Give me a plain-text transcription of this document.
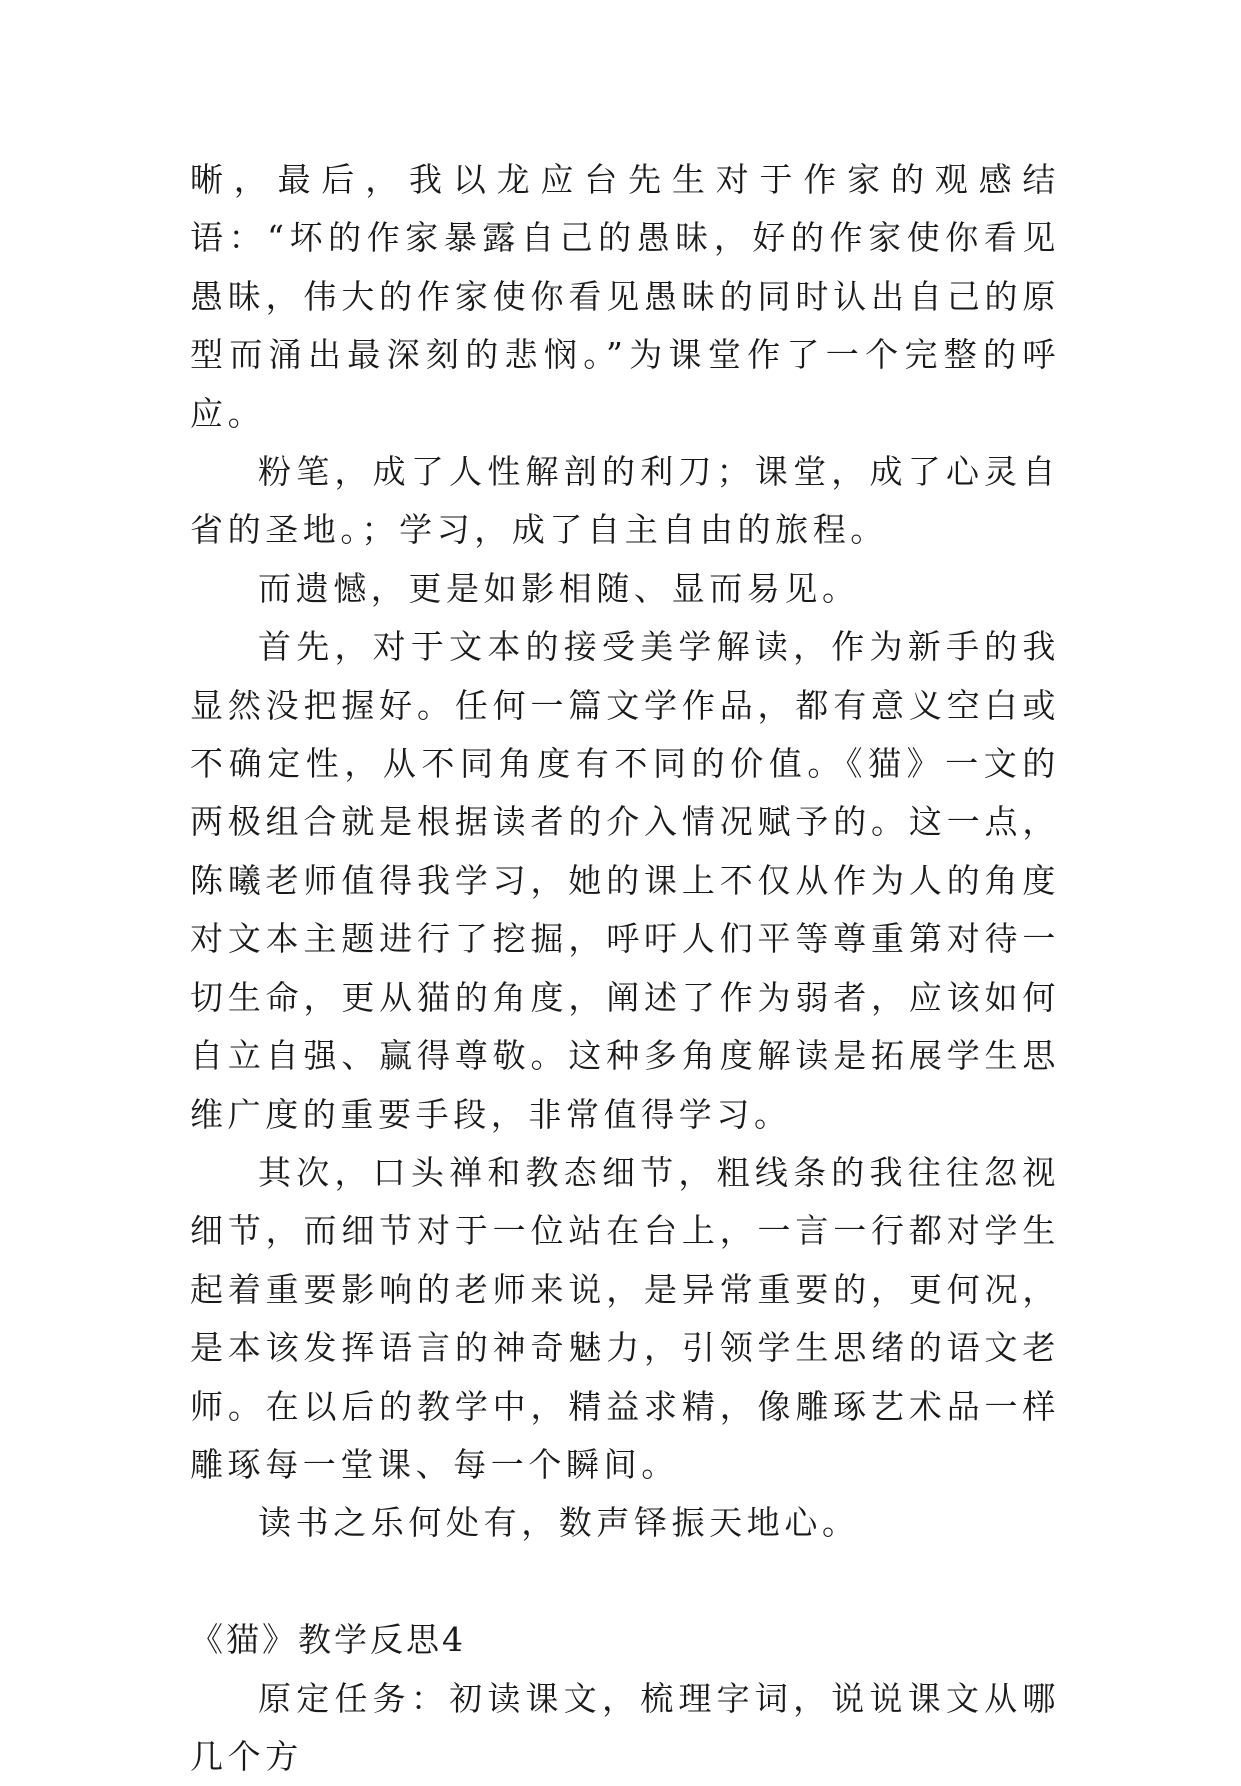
晰，最后，我以龙应台先生对于作家的观感结语：“坏的作家暴露自己的愚昧，好的作家使你看见愚昧，伟大的作家使你看见愚昧的同时认出自己的原型而涌出最深刻的悲悯。”为课堂作了一个完整的呼应。

粉笔，成了人性解剖的利刀；课堂，成了心灵自省的圣地。；学习，成了自主自由的旅程。

而遗憾，更是如影相随、显而易见。

首先，对于文本的接受美学解读，作为新手的我显然没把握好。任何一篇文学作品，都有意义空白或不确定性，从不同角度有不同的价值。《猫》一文的两极组合就是根据读者的介入情况赋予的。这一点，陈曦老师值得我学习，她的课上不仅从作为人的角度对文本主题进行了挖掘，呼吁人们平等尊重第对待一切生命，更从猫的角度，阐述了作为弱者，应该如何自立自强、赢得尊敬。这种多角度解读是拓展学生思维广度的重要手段，非常值得学习。

其次，口头禅和教态细节，粗线条的我往往忽视细节，而细节对于一位站在台上，一言一行都对学生起着重要影响的老师来说，是异常重要的，更何况，是本该发挥语言的神奇魅力，引领学生思绪的语文老师。在以后的教学中，精益求精，像雕琢艺术品一样雕琢每一堂课、每一个瞬间。

读书之乐何处有，数声铎振天地心。

《猫》教学反思4

原定任务：初读课文，梳理字词，说说课文从哪几个方
